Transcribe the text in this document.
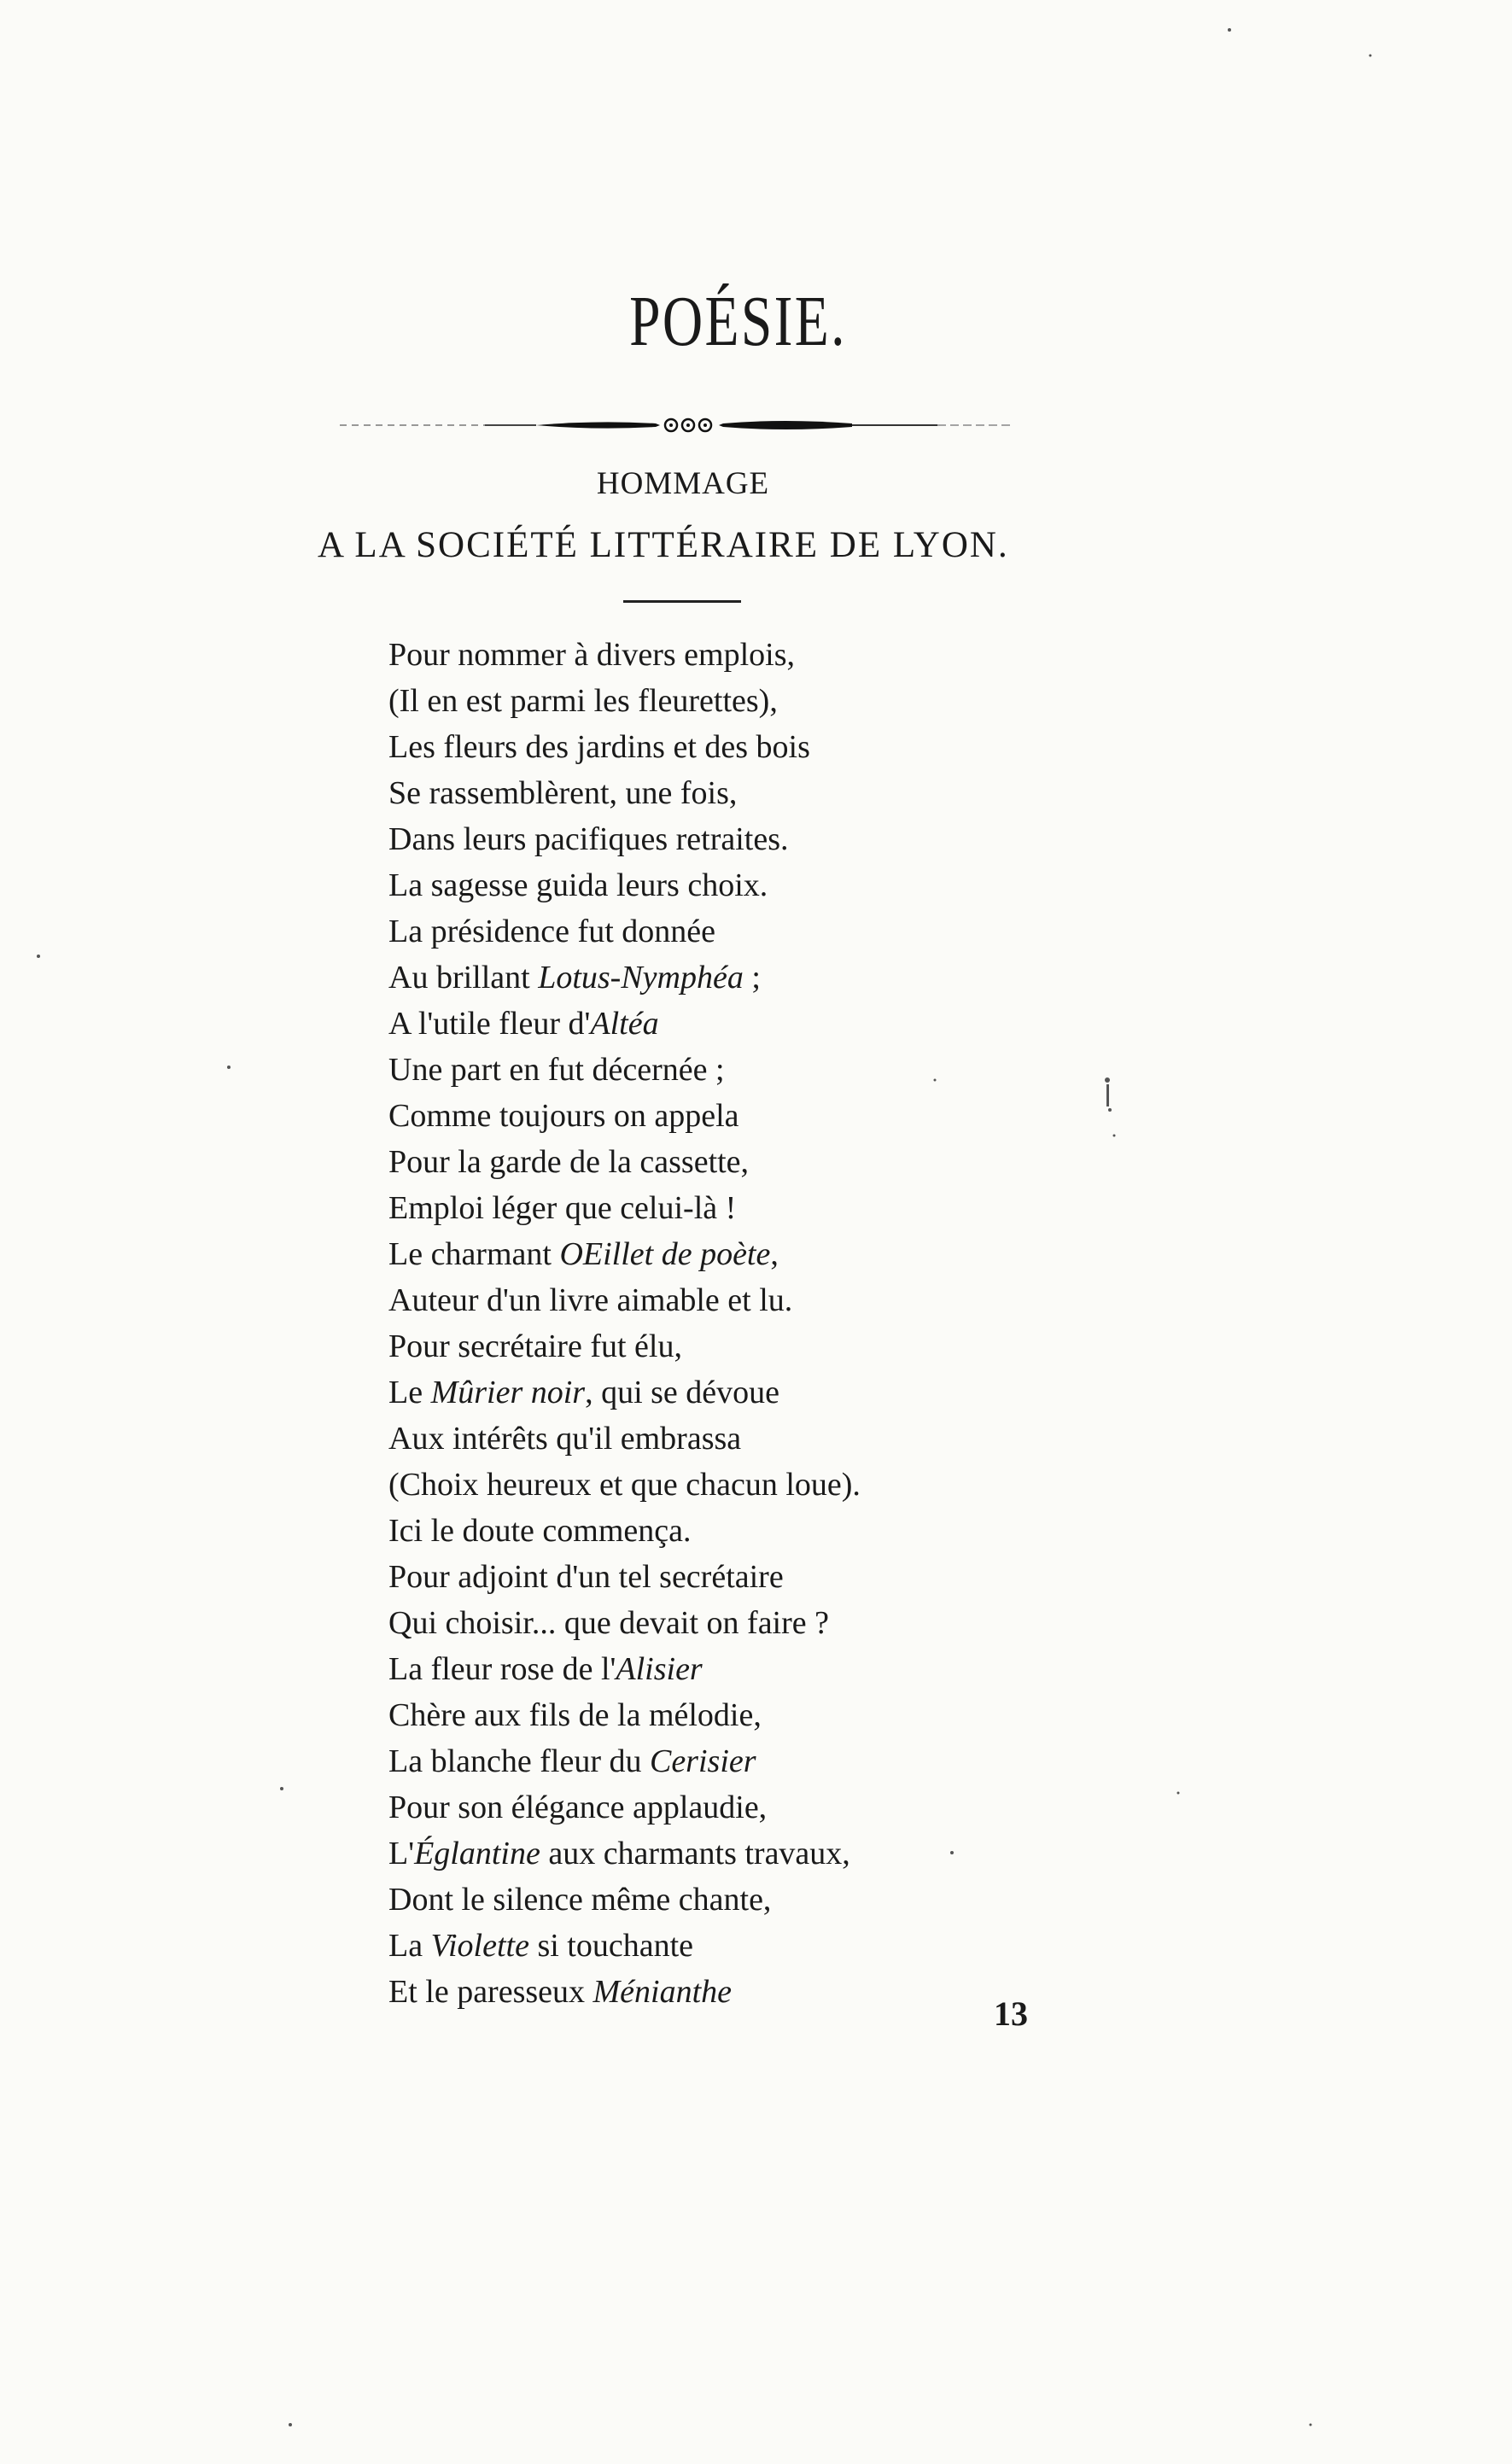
POÉSIE.
HOMMAGE
A LA SOCIÉTÉ LITTÉRAIRE DE LYON.
Pour nommer à divers emplois,
(Il en est parmi les fleurettes),
Les fleurs des jardins et des bois
Se rassemblèrent, une fois,
Dans leurs pacifiques retraites.
La sagesse guida leurs choix.
La présidence fut donnée
Au brillant Lotus-Nymphéa ;
A l'utile fleur d'Altéa
Une part en fut décernée ;
Comme toujours on appela
Pour la garde de la cassette,
Emploi léger que celui-là !
Le charmant OEillet de poète,
Auteur d'un livre aimable et lu.
Pour secrétaire fut élu,
Le Mûrier noir, qui se dévoue
Aux intérêts qu'il embrassa
(Choix heureux et que chacun loue).
Ici le doute commença.
Pour adjoint d'un tel secrétaire
Qui choisir... que devait on faire ?
La fleur rose de l'Alisier
Chère aux fils de la mélodie,
La blanche fleur du Cerisier
Pour son élégance applaudie,
L'Églantine aux charmants travaux,
Dont le silence même chante,
La Violette si touchante
Et le paresseux Ménianthe
13
